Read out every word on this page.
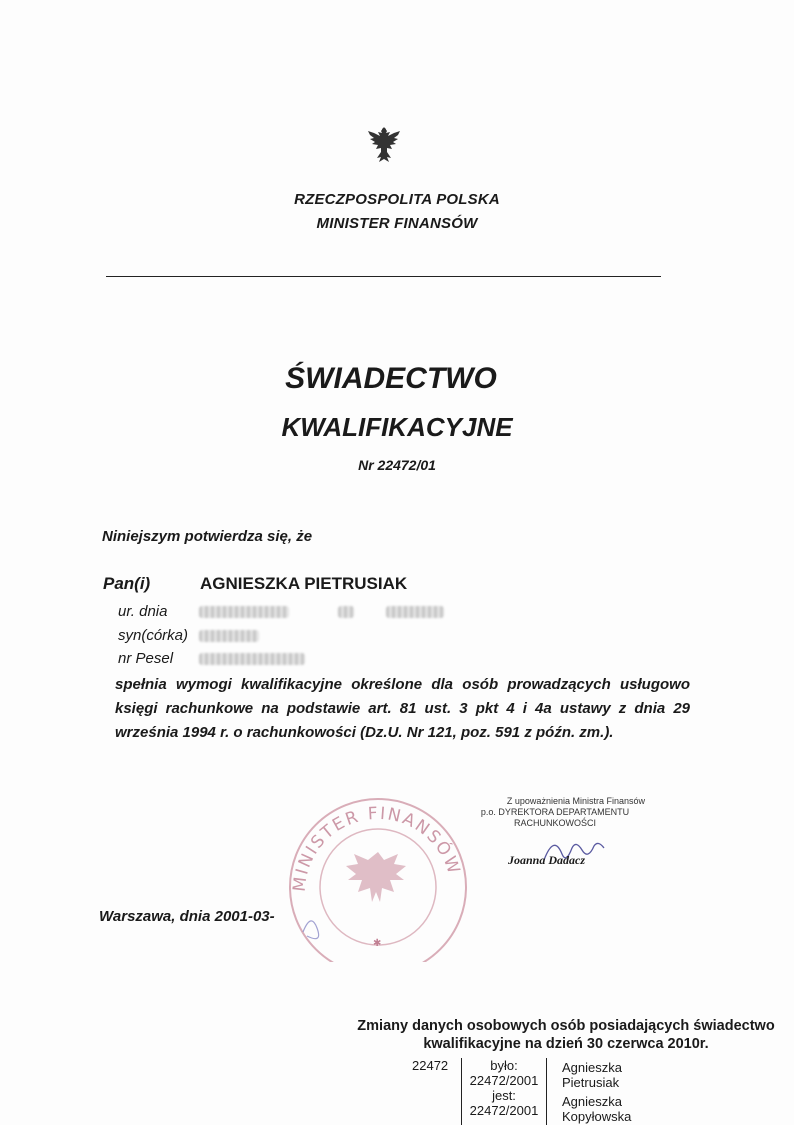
RZECZPOSPOLITA POLSKA
MINISTER FINANSÓW
ŚWIADECTWO
KWALIFIKACYJNE
Nr 22472/01
Niniejszym potwierdza się, że
Pan(i)	AGNIESZKA PIETRUSIAK
ur. dnia
syn(córka)
nr Pesel
spełnia wymogi kwalifikacyjne określone dla osób prowadzących usługowo księgi rachunkowe na podstawie art. 81 ust. 3 pkt 4 i 4a ustawy z dnia 29 września 1994 r. o rachunkowości (Dz.U. Nr 121, poz. 591 z późn. zm.).
MINISTER FINANSÓW
✱
Z upoważnienia Ministra Finansów
p.o. DYREKTORA DEPARTAMENTU
RACHUNKOWOŚCI
Joanna Dadacz
Warszawa, dnia 2001-03-
Zmiany danych osobowych osób posiadających świadectwo
kwalifikacyjne na dzień 30 czerwca 2010r.
22472	było:
22472/2001
jest:
22472/2001
Agnieszka Pietrusiak
Agnieszka Kopyłowska
